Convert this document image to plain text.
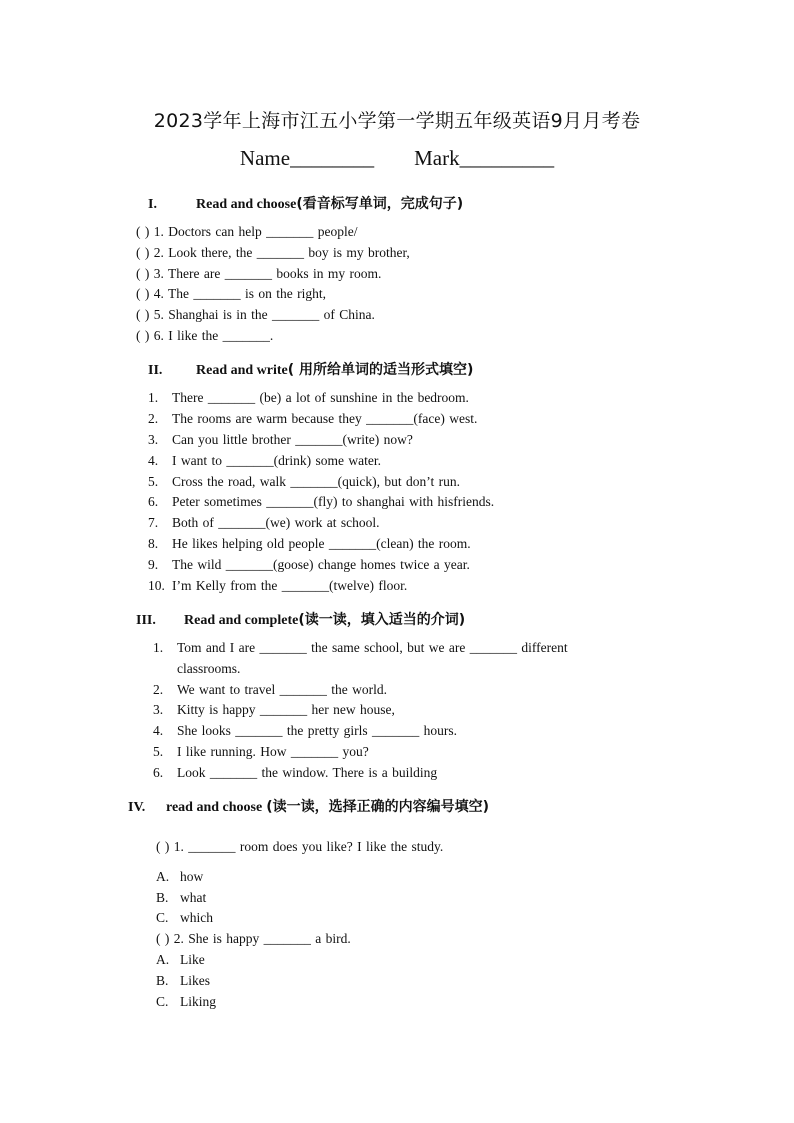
2023学年上海市江五小学第一学期五年级英语9月月考卷
Name________ Mark_________
I.	Read and choose(看音标写单词，完成句子)
( ) 1. Doctors can help _______ people/
( ) 2. Look there, the _______ boy is my brother,
( ) 3. There are _______ books in my room.
( ) 4. The _______ is on the right,
( ) 5. Shanghai is in the _______ of China.
( ) 6. I like the _______.
II. Read and write( 用所给单词的适当形式填空)
1. There _______ (be) a lot of sunshine in the bedroom.
2. The rooms are warm because they _______(face) west.
3. Can you little brother _______(write) now?
4. I want to _______(drink) some water.
5. Cross the road, walk _______(quick), but don’t run.
6. Peter sometimes _______(fly) to shanghai with hisfriends.
7. Both of _______(we) work at school.
8. He likes helping old people _______(clean) the room.
9. The wild _______(goose) change homes twice a year.
10. I’m Kelly from the _______(twelve) floor.
III. Read and complete(读一读，填入适当的介词)
1. Tom and I are _______ the same school, but we are _______ different
classrooms.
2. We want to travel _______ the world.
3. Kitty is happy _______ her new house,
4. She looks _______ the pretty girls _______ hours.
5. I like running. How _______ you?
6. Look _______ the window. There is a building
IV. read and choose (读一读，选择正确的内容编号填空)
( ) 1. _______ room does you like? I like the study.
A. how
B. what
C. which
( ) 2. She is happy _______ a bird.
A. Like
B. Likes
C. Liking
